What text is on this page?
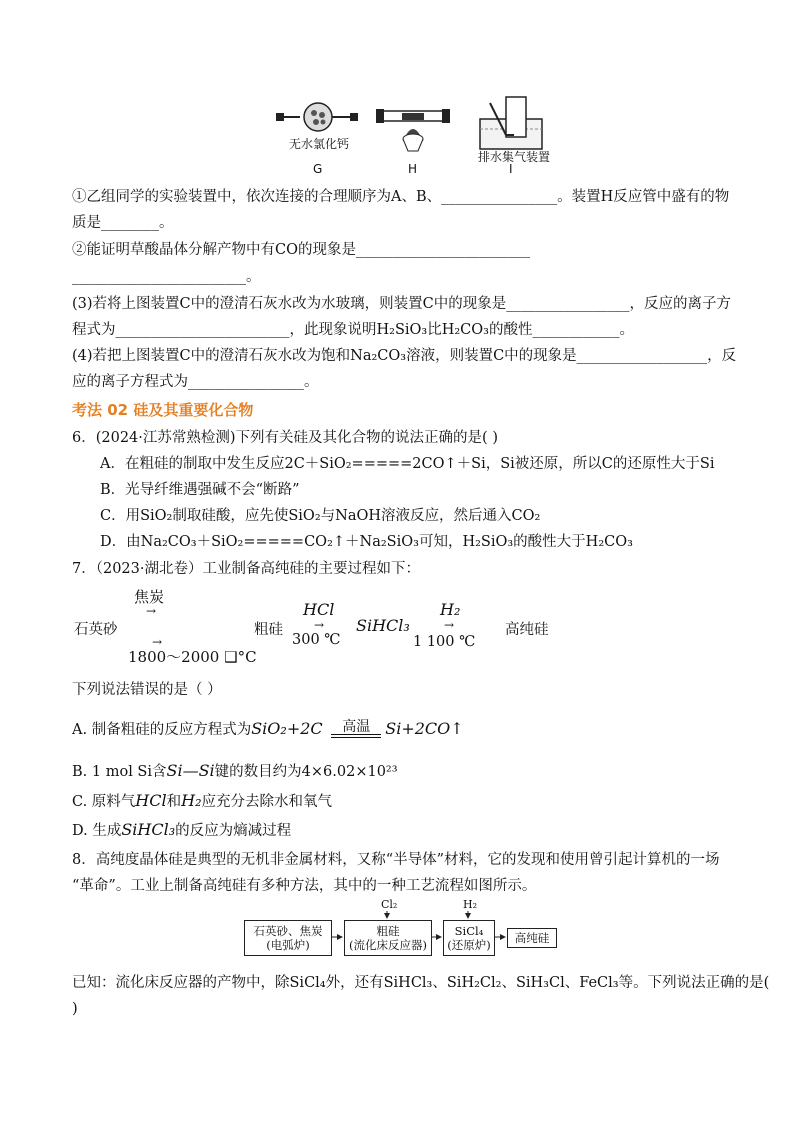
无水氯化钙
G	H
排水集气装置
I
①乙组同学的实验装置中，依次连接的合理顺序为A、B、________________。装置H反应管中盛有的物
质是________。
②能证明草酸晶体分解产物中有CO的现象是________________________
________________________。
(3)若将上图装置C中的澄清石灰水改为水玻璃，则装置C中的现象是_________________，反应的离子方
程式为________________________，此现象说明H₂SiO₃比H₂CO₃的酸性____________。
(4)若把上图装置C中的澄清石灰水改为饱和Na₂CO₃溶液，则装置C中的现象是__________________，反
应的离子方程式为________________。
考法 02 硅及其重要化合物
6．(2024·江苏常熟检测)下列有关硅及其化合物的说法正确的是( )
A．在粗硅的制取中发生反应2C＋SiO₂=====2CO↑＋Si，Si被还原，所以C的还原性大于Si
B．光导纤维遇强碱不会“断路”
C．用SiO₂制取硅酸，应先使SiO₂与NaOH溶液反应，然后通入CO₂
D．由Na₂CO₃＋SiO₂=====CO₂↑＋Na₂SiO₃可知，H₂SiO₃的酸性大于H₂CO₃
7．（2023·湖北卷）工业制备高纯硅的主要过程如下：
焦炭
→
石英砂
→
1800～2000 ❑°C
粗硅
HCl
→
300 ℃
SiHCl₃
H₂
→
1 100 ℃
高纯硅
下列说法错误的是（ ）
A. 制备粗硅的反应方程式为SiO₂+2C	高温 Si+2CO↑
B. 1 mol Si含Si—Si键的数目约为4×6.02×10²³
C. 原料气HCl和H₂应充分去除水和氧气
D. 生成SiHCl₃的反应为熵减过程
8．高纯度晶体硅是典型的无机非金属材料，又称“半导体”材料，它的发现和使用曾引起计算机的一场
“革命”。工业上制备高纯硅有多种方法，其中的一种工艺流程如图所示。
石英砂、焦炭
(电弧炉)
粗硅
(流化床反应器)
SiCl₄
(还原炉) 高纯硅
Cl₂	H₂
已知：流化床反应器的产物中，除SiCl₄外，还有SiHCl₃、SiH₂Cl₂、SiH₃Cl、FeCl₃等。下列说法正确的是(
)
